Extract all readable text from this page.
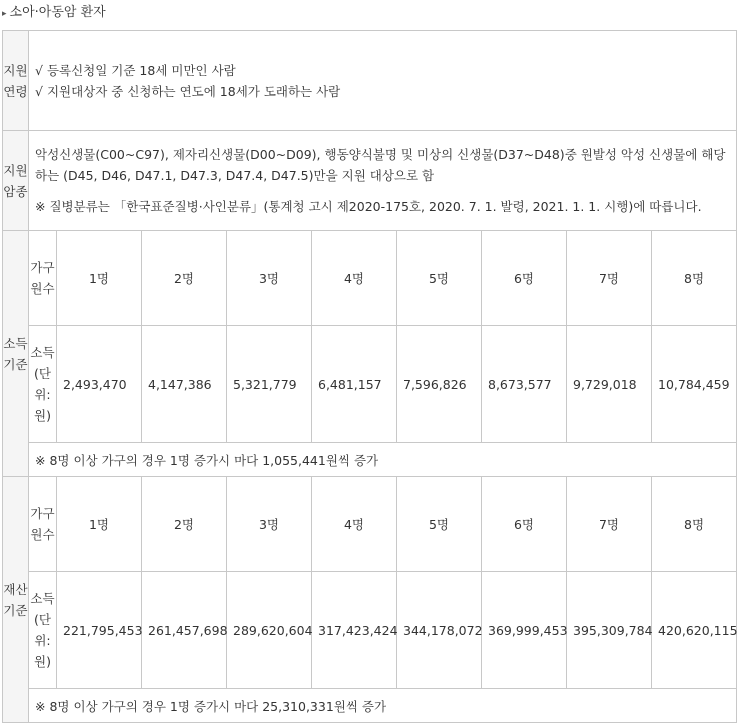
▸ 소아·아동암 환자
지원연령	√ 등록신청일 기준 18세 미만인 사람
√ 지원대상자 중 신청하는 연도에 18세가 도래하는 사람								

지원암종	악성신생물(C00~C97), 제자리신생물(D00~D09), 행동양식불명 및 미상의 신생물(D37~D48)중 원발성 악성 신생물에 해당하는 (D45, D46, D47.1, D47.3, D47.4, D47.5)만을 지원 대상으로 함
※ 질병분류는 「한국표준질병·사인분류」(통계청 고시 제2020-175호, 2020. 7. 1. 발령, 2021. 1. 1. 시행)에 따릅니다.								

소득기준	가구원수	1명	2명	3명	4명	5명	6명	7명	8명

	소득(단위:원)	2,493,470	4,147,386	5,321,779	6,481,157	7,596,826	8,673,577	9,729,018	10,784,459
	※ 8명 이상 가구의 경우 1명 증가시 마다 1,055,441원씩 증가								

재산기준	가구원수	1명	2명	3명	4명	5명	6명	7명	8명

	소득(단위:원)	221,795,453	261,457,698	289,620,604	317,423,424	344,178,072	369,999,453	395,309,784	420,620,115
	※ 8명 이상 가구의 경우 1명 증가시 마다 25,310,331원씩 증가								
